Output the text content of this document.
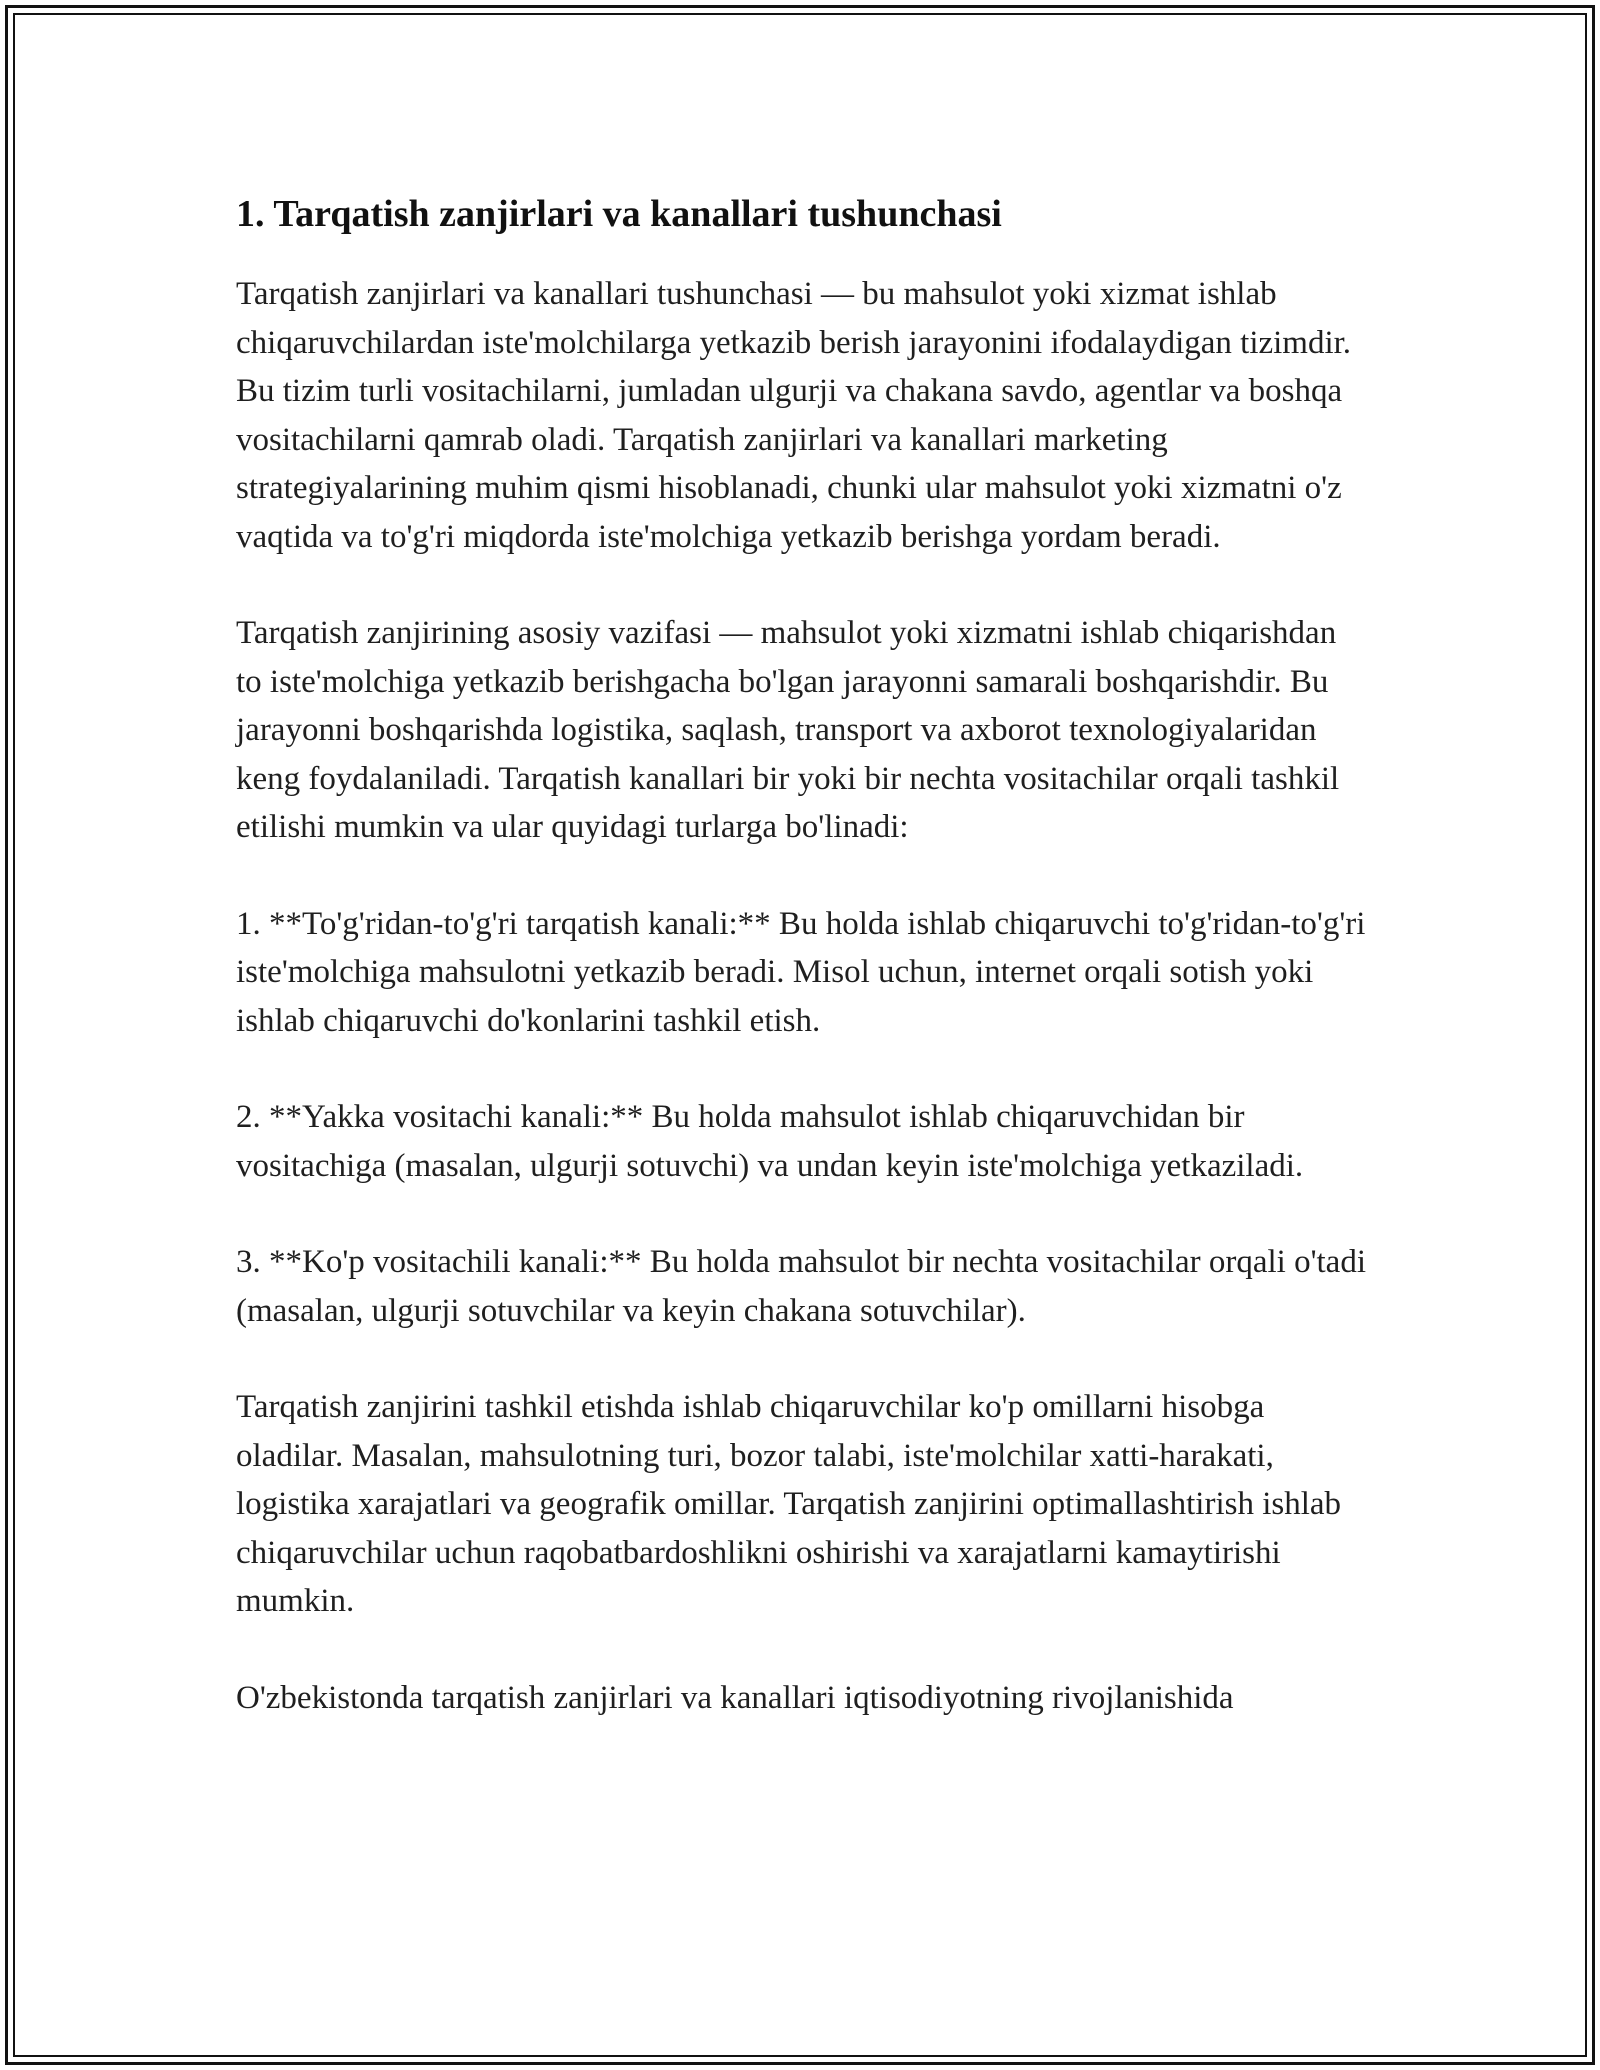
1. Tarqatish zanjirlari va kanallari tushunchasi

Tarqatish zanjirlari va kanallari tushunchasi — bu mahsulot yoki xizmat ishlab chiqaruvchilardan iste'molchilarga yetkazib berish jarayonini ifodalaydigan tizimdir. Bu tizim turli vositachilarni, jumladan ulgurji va chakana savdo, agentlar va boshqa vositachilarni qamrab oladi. Tarqatish zanjirlari va kanallari marketing strategiyalarining muhim qismi hisoblanadi, chunki ular mahsulot yoki xizmatni o'z vaqtida va to'g'ri miqdorda iste'molchiga yetkazib berishga yordam beradi.

Tarqatish zanjirining asosiy vazifasi — mahsulot yoki xizmatni ishlab chiqarishdan to iste'molchiga yetkazib berishgacha bo'lgan jarayonni samarali boshqarishdir. Bu jarayonni boshqarishda logistika, saqlash, transport va axborot texnologiyalaridan keng foydalaniladi. Tarqatish kanallari bir yoki bir nechta vositachilar orqali tashkil etilishi mumkin va ular quyidagi turlarga bo'linadi:

1. **To'g'ridan-to'g'ri tarqatish kanali:** Bu holda ishlab chiqaruvchi to'g'ridan-to'g'ri iste'molchiga mahsulotni yetkazib beradi. Misol uchun, internet orqali sotish yoki ishlab chiqaruvchi do'konlarini tashkil etish.

2. **Yakka vositachi kanali:** Bu holda mahsulot ishlab chiqaruvchidan bir vositachiga (masalan, ulgurji sotuvchi) va undan keyin iste'molchiga yetkaziladi.

3. **Ko'p vositachili kanali:** Bu holda mahsulot bir nechta vositachilar orqali o'tadi (masalan, ulgurji sotuvchilar va keyin chakana sotuvchilar).

Tarqatish zanjirini tashkil etishda ishlab chiqaruvchilar ko'p omillarni hisobga oladilar. Masalan, mahsulotning turi, bozor talabi, iste'molchilar xatti-harakati, logistika xarajatlari va geografik omillar. Tarqatish zanjirini optimallashtirish ishlab chiqaruvchilar uchun raqobatbardoshlikni oshirishi va xarajatlarni kamaytirishi mumkin.

O'zbekistonda tarqatish zanjirlari va kanallari iqtisodiyotning rivojlanishida
